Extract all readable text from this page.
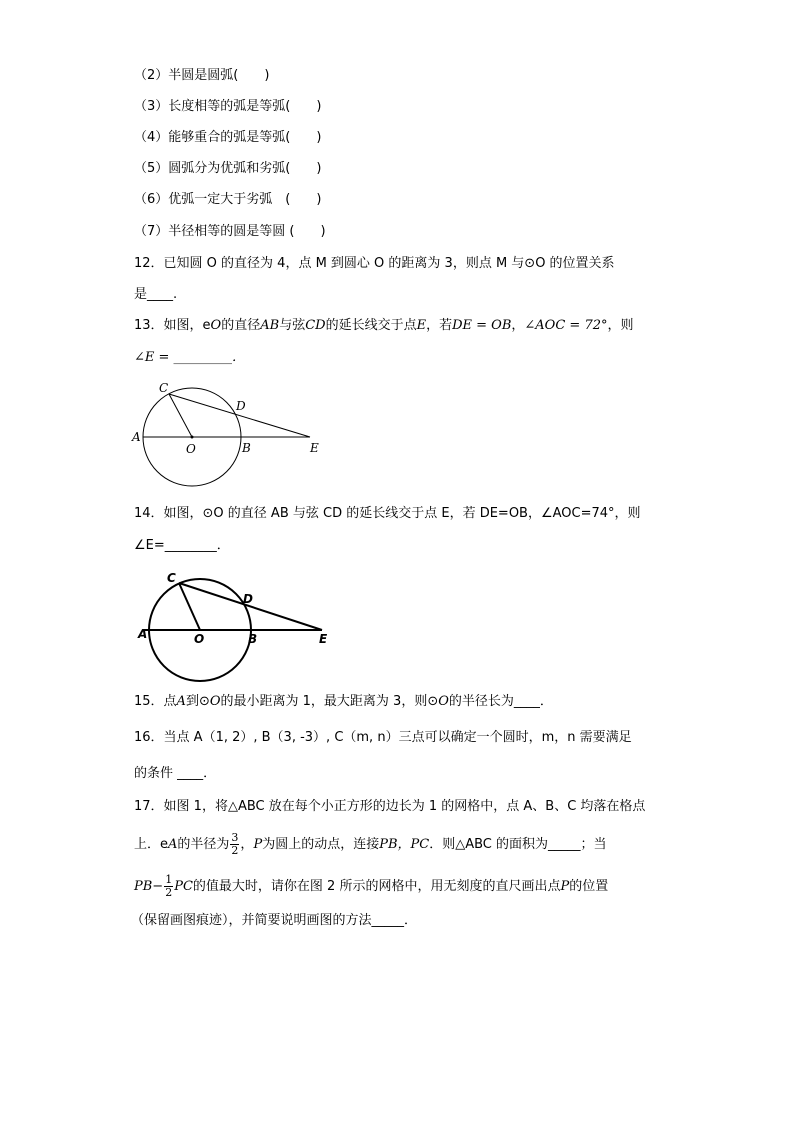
（2）半圆是圆弧(　　)
（3）长度相等的弧是等弧(　　)
（4）能够重合的弧是等弧(　　)
（5）圆弧分为优弧和劣弧(　　)
（6）优弧一定大于劣弧　(　　)
（7）半径相等的圆是等圆 (　　)
12．已知圆 O 的直径为 4，点 M 到圆心 O 的距离为 3，则点 M 与⊙O 的位置关系
是____.
13．如图，eO的直径AB与弦CD的延长线交于点E，若DE = OB，∠AOC = 72°，则
∠E = _________．
C
D
A
O	B	E
14．如图，⊙O 的直径 AB 与弦 CD 的延长线交于点 E，若 DE=OB，∠AOC=74°，则
∠E=________．
C
D
A	O	B	E
15．点A到⊙O的最小距离为 1，最大距离为 3，则⊙O的半径长为____．
16．当点 A（1, 2）, B（3, -3）, C（m, n）三点可以确定一个圆时，m，n 需要满足
的条件 ____．
17．如图 1，将△ABC 放在每个小正方形的边长为 1 的网格中，点 A、B、C 均落在格点
上．eA的半径为 $\frac{3}{2}$ ，P为圆上的动点，连接PB，PC．则△ABC 的面积为_____；当
$PB- \frac{1}{2}$ PC的值最大时，请你在图 2 所示的网格中，用无刻度的直尺画出点P的位置
（保留画图痕迹），并简要说明画图的方法_____．
